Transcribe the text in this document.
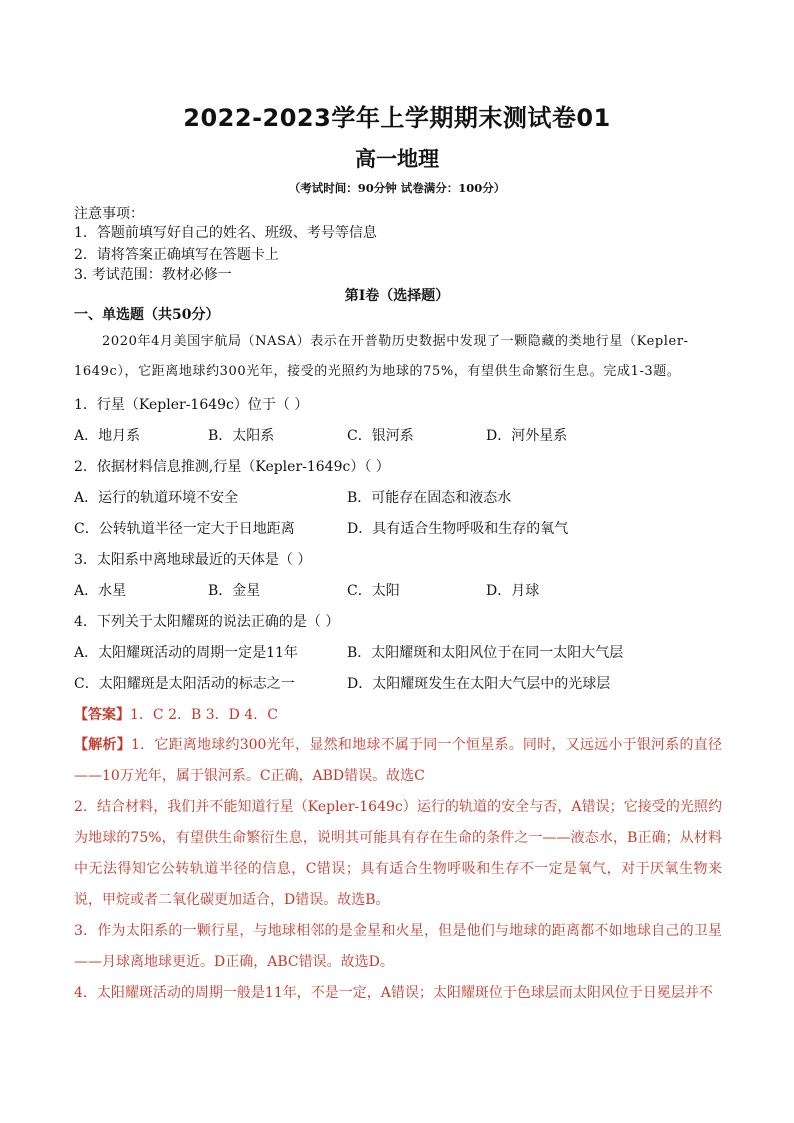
2022-2023学年上学期期末测试卷01
高一地理
（考试时间：90分钟 试卷满分：100分）
注意事项：
1．答题前填写好自己的姓名、班级、考号等信息
2．请将答案正确填写在答题卡上
3. 考试范围：教材必修一
第I卷（选择题）
一、单选题（共50分）
2020年4月美国宇航局（NASA）表示在开普勒历史数据中发现了一颗隐藏的类地行星（Kepler-1649c），它距离地球约300光年，接受的光照约为地球的75%，有望供生命繁衍生息。完成1-3题。
1．行星（Kepler-1649c）位于（ ）
A．地月系	B．太阳系	C．银河系	D．河外星系
2．依据材料信息推测,行星（Kepler-1649c）（ ）
A．运行的轨道环境不安全	B．可能存在固态和液态水
C．公转轨道半径一定大于日地距离	D．具有适合生物呼吸和生存的氧气
3．太阳系中离地球最近的天体是（ ）
A．水星	B．金星	C．太阳	D．月球
4．下列关于太阳耀斑的说法正确的是（ ）
A．太阳耀斑活动的周期一定是11年	B．太阳耀斑和太阳风位于在同一太阳大气层
C．太阳耀斑是太阳活动的标志之一	D．太阳耀斑发生在太阳大气层中的光球层
【答案】1．C 2．B 3．D 4．C
【解析】1．它距离地球约300光年，显然和地球不属于同一个恒星系。同时，又远远小于银河系的直径——10万光年，属于银河系。C正确，ABD错误。故选C
2．结合材料，我们并不能知道行星（Kepler-1649c）运行的轨道的安全与否，A错误；它接受的光照约为地球的75%，有望供生命繁衍生息，说明其可能具有存在生命的条件之一——液态水，B正确；从材料中无法得知它公转轨道半径的信息，C错误；具有适合生物呼吸和生存不一定是氧气，对于厌氧生物来说，甲烷或者二氧化碳更加适合，D错误。故选B。
3．作为太阳系的一颗行星，与地球相邻的是金星和火星，但是他们与地球的距离都不如地球自己的卫星——月球离地球更近。D正确，ABC错误。故选D。
4．太阳耀斑活动的周期一般是11年，不是一定，A错误；太阳耀斑位于色球层而太阳风位于日冕层并不
